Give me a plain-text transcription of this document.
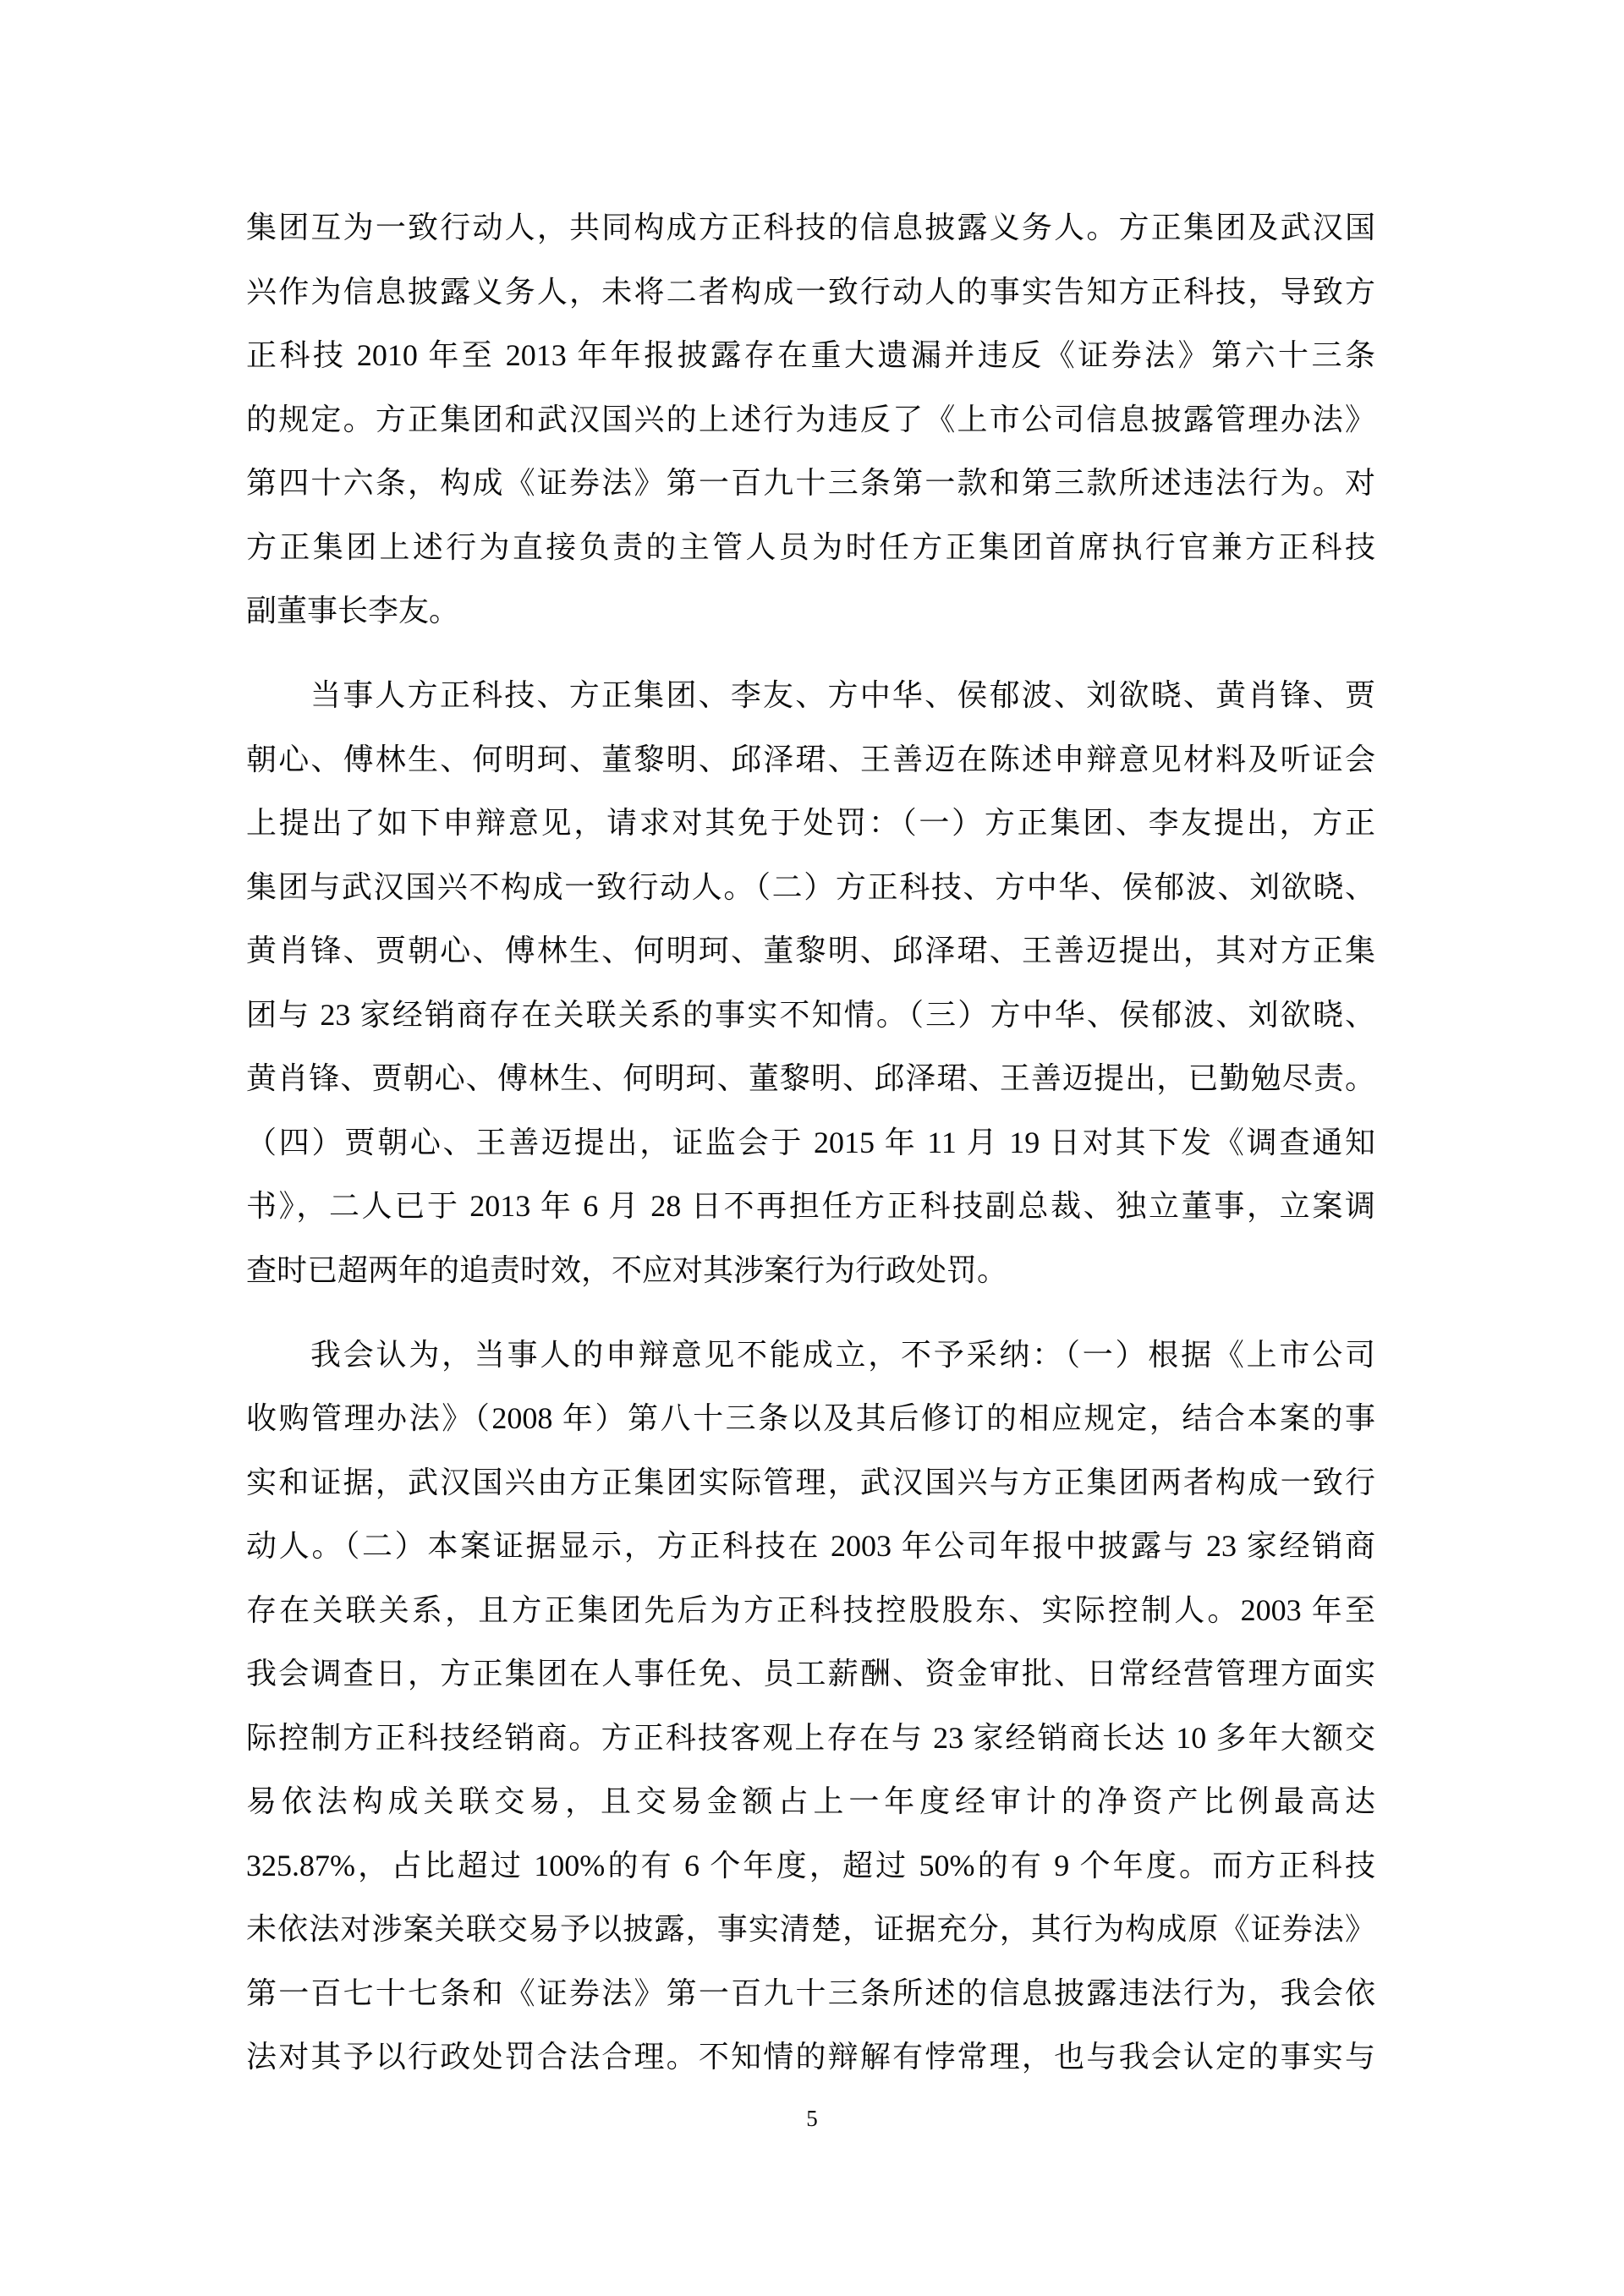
集团互为一致行动人，共同构成方正科技的信息披露义务人。方正集团及武汉国
兴作为信息披露义务人，未将二者构成一致行动人的事实告知方正科技，导致方
正科技 2010 年至 2013 年年报披露存在重大遗漏并违反《证券法》第六十三条
的规定。方正集团和武汉国兴的上述行为违反了《上市公司信息披露管理办法》
第四十六条，构成《证券法》第一百九十三条第一款和第三款所述违法行为。对
方正集团上述行为直接负责的主管人员为时任方正集团首席执行官兼方正科技
副董事长李友。

当事人方正科技、方正集团、李友、方中华、侯郁波、刘欲晓、黄肖锋、贾
朝心、傅林生、何明珂、董黎明、邱泽珺、王善迈在陈述申辩意见材料及听证会
上提出了如下申辩意见，请求对其免于处罚：（一）方正集团、李友提出，方正
集团与武汉国兴不构成一致行动人。（二）方正科技、方中华、侯郁波、刘欲晓、
黄肖锋、贾朝心、傅林生、何明珂、董黎明、邱泽珺、王善迈提出，其对方正集
团与 23 家经销商存在关联关系的事实不知情。（三）方中华、侯郁波、刘欲晓、
黄肖锋、贾朝心、傅林生、何明珂、董黎明、邱泽珺、王善迈提出，已勤勉尽责。
（四）贾朝心、王善迈提出，证监会于 2015 年 11 月 19 日对其下发《调查通知
书》，二人已于 2013 年 6 月 28 日不再担任方正科技副总裁、独立董事，立案调
查时已超两年的追责时效，不应对其涉案行为行政处罚。

我会认为，当事人的申辩意见不能成立，不予采纳：（一）根据《上市公司
收购管理办法》（2008 年）第八十三条以及其后修订的相应规定，结合本案的事
实和证据，武汉国兴由方正集团实际管理，武汉国兴与方正集团两者构成一致行
动人。（二）本案证据显示，方正科技在 2003 年公司年报中披露与 23 家经销商
存在关联关系，且方正集团先后为方正科技控股股东、实际控制人。2003 年至
我会调查日，方正集团在人事任免、员工薪酬、资金审批、日常经营管理方面实
际控制方正科技经销商。方正科技客观上存在与 23 家经销商长达 10 多年大额交
易依法构成关联交易，且交易金额占上一年度经审计的净资产比例最高达
325.87%，占比超过 100%的有 6 个年度，超过 50%的有 9 个年度。而方正科技
未依法对涉案关联交易予以披露，事实清楚，证据充分，其行为构成原《证券法》
第一百七十七条和《证券法》第一百九十三条所述的信息披露违法行为，我会依
法对其予以行政处罚合法合理。不知情的辩解有悖常理，也与我会认定的事实与

5
